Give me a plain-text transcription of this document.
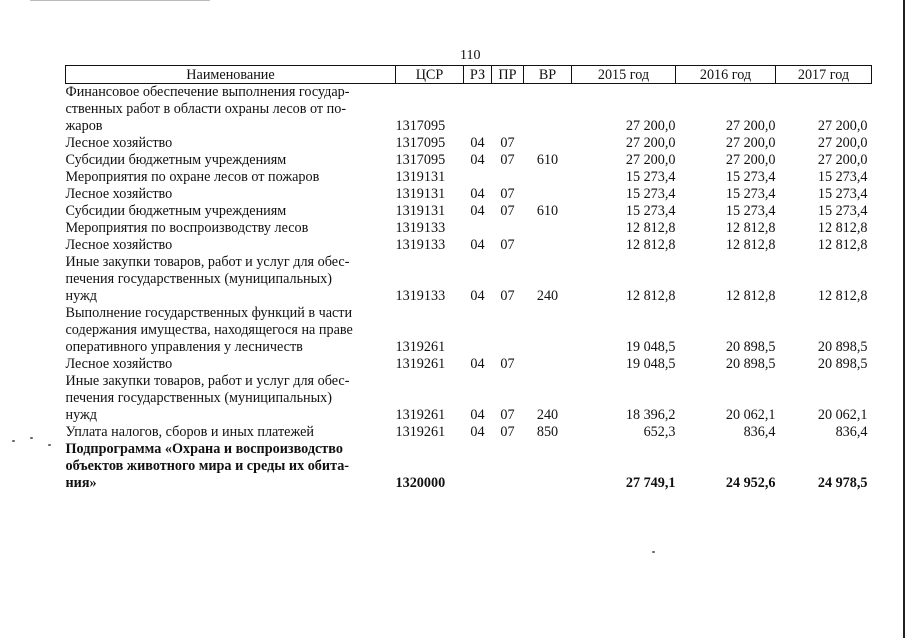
110
Наименование	ЦСР	РЗ	ПР	ВР	2015 год	2016 год	2017 год

Финансовое обеспечение выполнения государ-
ственных работ в области охраны лесов от по-
жаров	1317095				27 200,0	27 200,0	27 200,0

Лесное хозяйство	1317095	04	07		27 200,0	27 200,0	27 200,0

Субсидии бюджетным учреждениям	1317095	04	07	610	27 200,0	27 200,0	27 200,0

Мероприятия по охране лесов от пожаров	1319131				15 273,4	15 273,4	15 273,4

Лесное хозяйство	1319131	04	07		15 273,4	15 273,4	15 273,4

Субсидии бюджетным учреждениям	1319131	04	07	610	15 273,4	15 273,4	15 273,4

Мероприятия по воспроизводству лесов	1319133				12 812,8	12 812,8	12 812,8

Лесное хозяйство	1319133	04	07		12 812,8	12 812,8	12 812,8

Иные закупки товаров, работ и услуг для обес-
печения государственных (муниципальных)
нужд	1319133	04	07	240	12 812,8	12 812,8	12 812,8

Выполнение государственных функций в части
содержания имущества, находящегося на праве
оперативного управления у лесничеств	1319261				19 048,5	20 898,5	20 898,5

Лесное хозяйство	1319261	04	07		19 048,5	20 898,5	20 898,5

Иные закупки товаров, работ и услуг для обес-
печения государственных (муниципальных)
нужд	1319261	04	07	240	18 396,2	20 062,1	20 062,1

Уплата налогов, сборов и иных платежей	1319261	04	07	850	652,3	836,4	836,4

Подпрограмма «Охрана и воспроизводство
объектов животного мира и среды их обита-
ния»	1320000				27 749,1	24 952,6	24 978,5
